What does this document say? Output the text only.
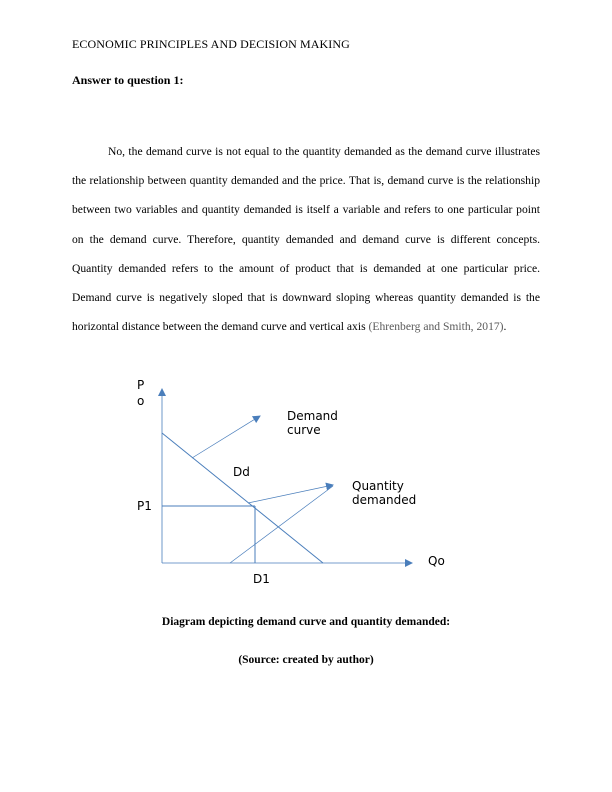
ECONOMIC PRINCIPLES AND DECISION MAKING
Answer to question 1:

No, the demand curve is not equal to the quantity demanded as the demand curve illustrates the relationship between quantity demanded and the price. That is, demand curve is the relationship between two variables and quantity demanded is itself a variable and refers to one particular point on the demand curve. Therefore, quantity demanded and demand curve is different concepts. Quantity demanded refers to the amount of product that is demanded at one particular price. Demand curve is negatively sloped that is downward sloping whereas quantity demanded is the horizontal distance between the demand curve and vertical axis (Ehrenberg and Smith, 2017).

P
o
Demand
curve
Dd
Quantity
demanded
P1
Qo
D1
Diagram depicting demand curve and quantity demanded:
(Source: created by author)
